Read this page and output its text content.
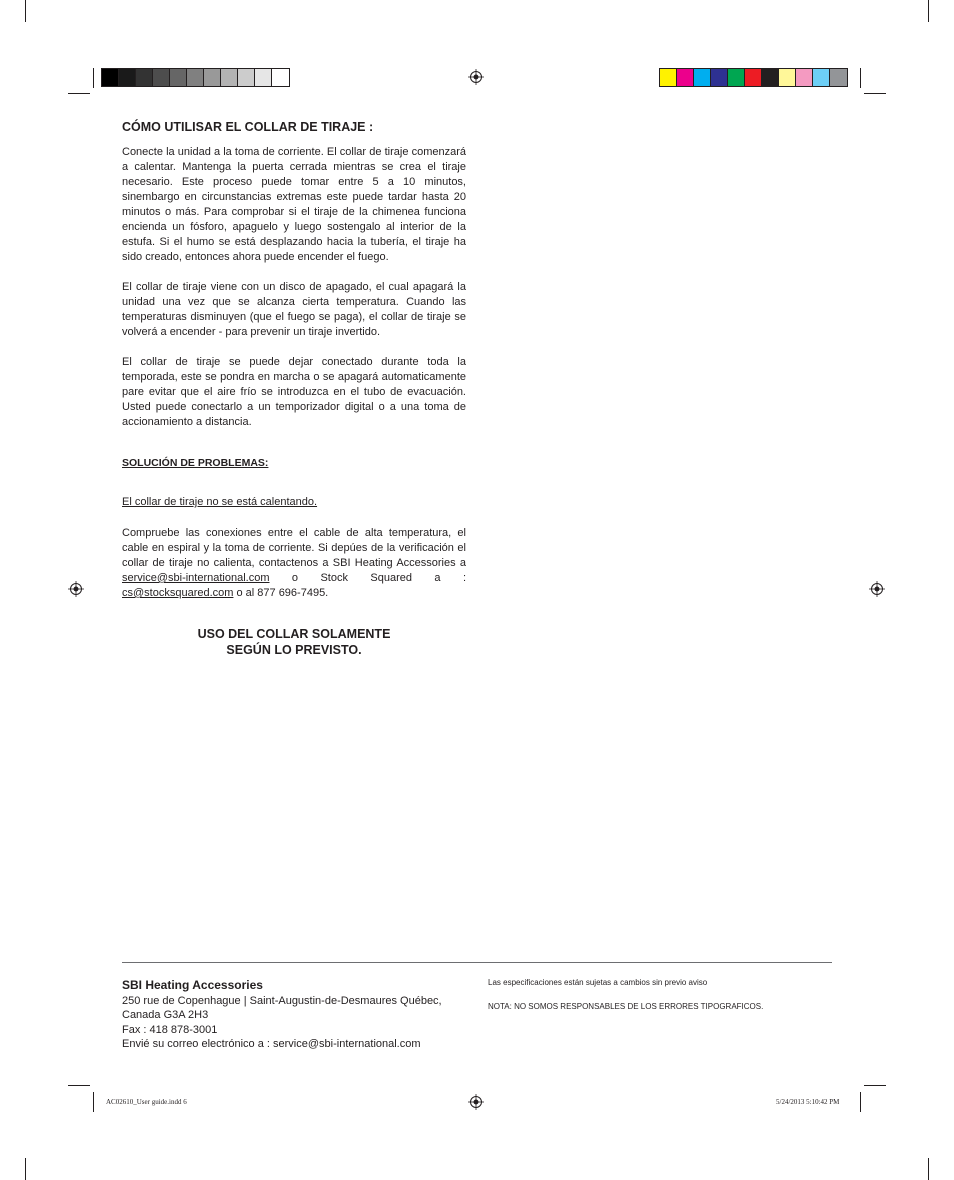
CÓMO UTILISAR EL COLLAR DE TIRAJE :

Conecte la unidad a la toma de corriente. El collar de tiraje comenzará a calentar. Mantenga la puerta cerrada mientras se crea el tiraje necesario. Este proceso puede tomar entre 5 a 10 minutos, sinembargo en circunstancias extremas este puede tardar hasta 20 minutos o más. Para comprobar si el tiraje de la chimenea funciona encienda un fósforo, apaguelo y luego sostengalo al interior de la estufa. Si el humo se está desplazando hacia la tubería, el tiraje ha sido creado, entonces ahora puede encender el fuego.

El collar de tiraje viene con un disco de apagado, el cual apagará la unidad una vez que se alcanza cierta temperatura. Cuando las temperaturas disminuyen (que el fuego se paga), el collar de tiraje se volverá a encender - para prevenir un tiraje invertido.

El collar de tiraje se puede dejar conectado durante toda la temporada, este se pondra en marcha o se apagará automaticamente pare evitar que el aire frío se introduzca en el tubo de evacuación. Usted puede conectarlo a un temporizador digital o a una toma de accionamiento a distancia.

SOLUCIÓN DE PROBLEMAS:
El collar de tiraje no se está calentando.

Compruebe las conexiones entre el cable de alta temperatura, el cable en espiral y la toma de corriente. Si depúes de la verificación el collar de tiraje no calienta, contactenos a SBI Heating Accessories a service@sbi-international.com o Stock Squared a : cs@stocksquared.com o al 877 696-7495.

USO DEL COLLAR SOLAMENTE
SEGÚN LO PREVISTO.
SBI Heating Accessories
250 rue de Copenhague | Saint-Augustin-de-Desmaures Québec,
Canada G3A 2H3
Fax : 418 878-3001
Envié su correo electrónico a : service@sbi-international.com
Las especificaciones están sujetas a cambios sin previo aviso
NOTA: NO SOMOS RESPONSABLES DE LOS ERRORES TIPOGRAFICOS.
AC02610_User guide.indd 6	5/24/2013 5:10:42 PM
